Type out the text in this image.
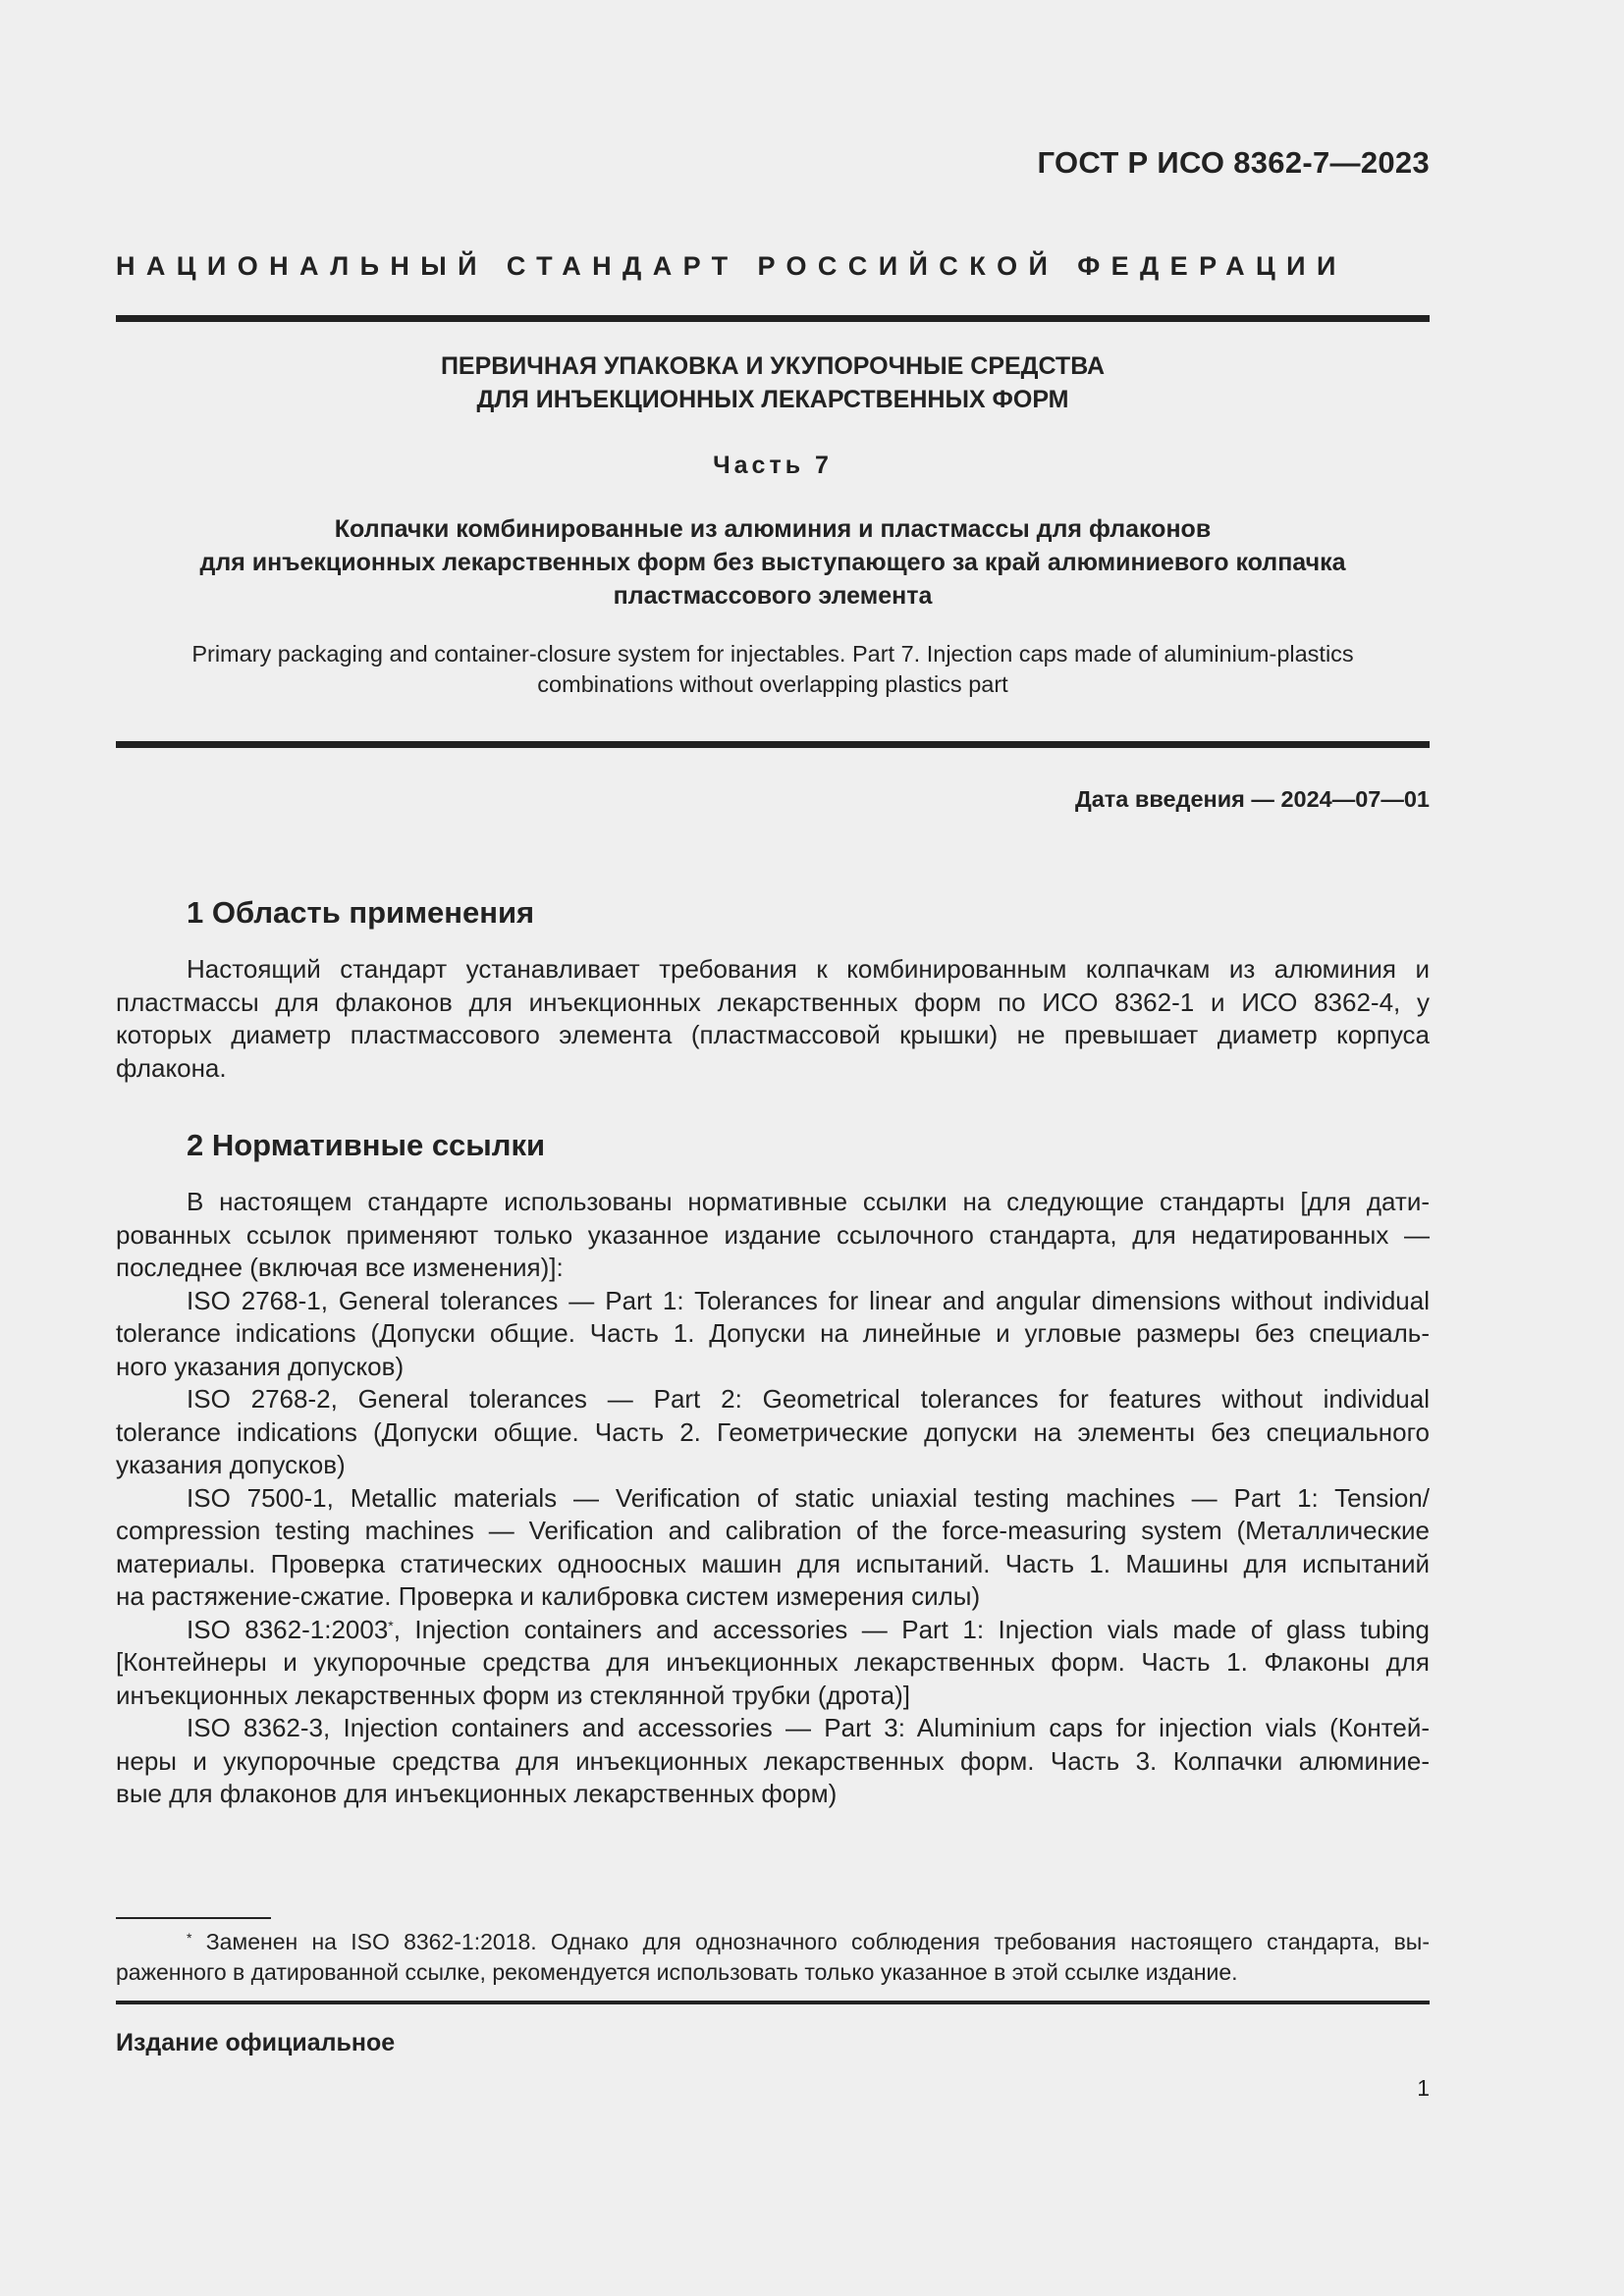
ГОСТ Р ИСО 8362-7—2023
НАЦИОНАЛЬНЫЙ СТАНДАРТ РОССИЙСКОЙ ФЕДЕРАЦИИ
ПЕРВИЧНАЯ УПАКОВКА И УКУПОРОЧНЫЕ СРЕДСТВА
ДЛЯ ИНЪЕКЦИОННЫХ ЛЕКАРСТВЕННЫХ ФОРМ
Часть 7
Колпачки комбинированные из алюминия и пластмассы для флаконов
для инъекционных лекарственных форм без выступающего за край алюминиевого колпачка
пластмассового элемента
Primary packaging and container-closure system for injectables. Part 7. Injection caps made of aluminium-plastics
combinations without overlapping plastics part
Дата введения — 2024—07—01
1 Область применения
Настоящий стандарт устанавливает требования к комбинированным колпачкам из алюминия и
пластмассы для флаконов для инъекционных лекарственных форм по ИСО 8362-1 и ИСО 8362-4, у
которых диаметр пластмассового элемента (пластмассовой крышки) не превышает диаметр корпуса
флакона.
2 Нормативные ссылки
В настоящем стандарте использованы нормативные ссылки на следующие стандарты [для дати-
рованных ссылок применяют только указанное издание ссылочного стандарта, для недатированных —
последнее (включая все изменения)]:
ISO 2768-1, General tolerances — Part 1: Tolerances for linear and angular dimensions without individual
tolerance indications (Допуски общие. Часть 1. Допуски на линейные и угловые размеры без специаль-
ного указания допусков)
ISO 2768-2, General tolerances — Part 2: Geometrical tolerances for features without individual
tolerance indications (Допуски общие. Часть 2. Геометрические допуски на элементы без специального
указания допусков)
ISO 7500-1, Metallic materials — Verification of static uniaxial testing machines — Part 1: Tension/
compression testing machines — Verification and calibration of the force-measuring system (Металлические
материалы. Проверка статических одноосных машин для испытаний. Часть 1. Машины для испытаний
на растяжение-сжатие. Проверка и калибровка систем измерения силы)
ISO 8362-1:2003*, Injection containers and accessories — Part 1: Injection vials made of glass tubing
[Контейнеры и укупорочные средства для инъекционных лекарственных форм. Часть 1. Флаконы для
инъекционных лекарственных форм из стеклянной трубки (дрота)]
ISO 8362-3, Injection containers and accessories — Part 3: Aluminium caps for injection vials (Контей-
неры и укупорочные средства для инъекционных лекарственных форм. Часть 3. Колпачки алюминие-
вые для флаконов для инъекционных лекарственных форм)
* Заменен на ISO 8362-1:2018. Однако для однозначного соблюдения требования настоящего стандарта, вы-
раженного в датированной ссылке, рекомендуется использовать только указанное в этой ссылке издание.
Издание официальное
1
